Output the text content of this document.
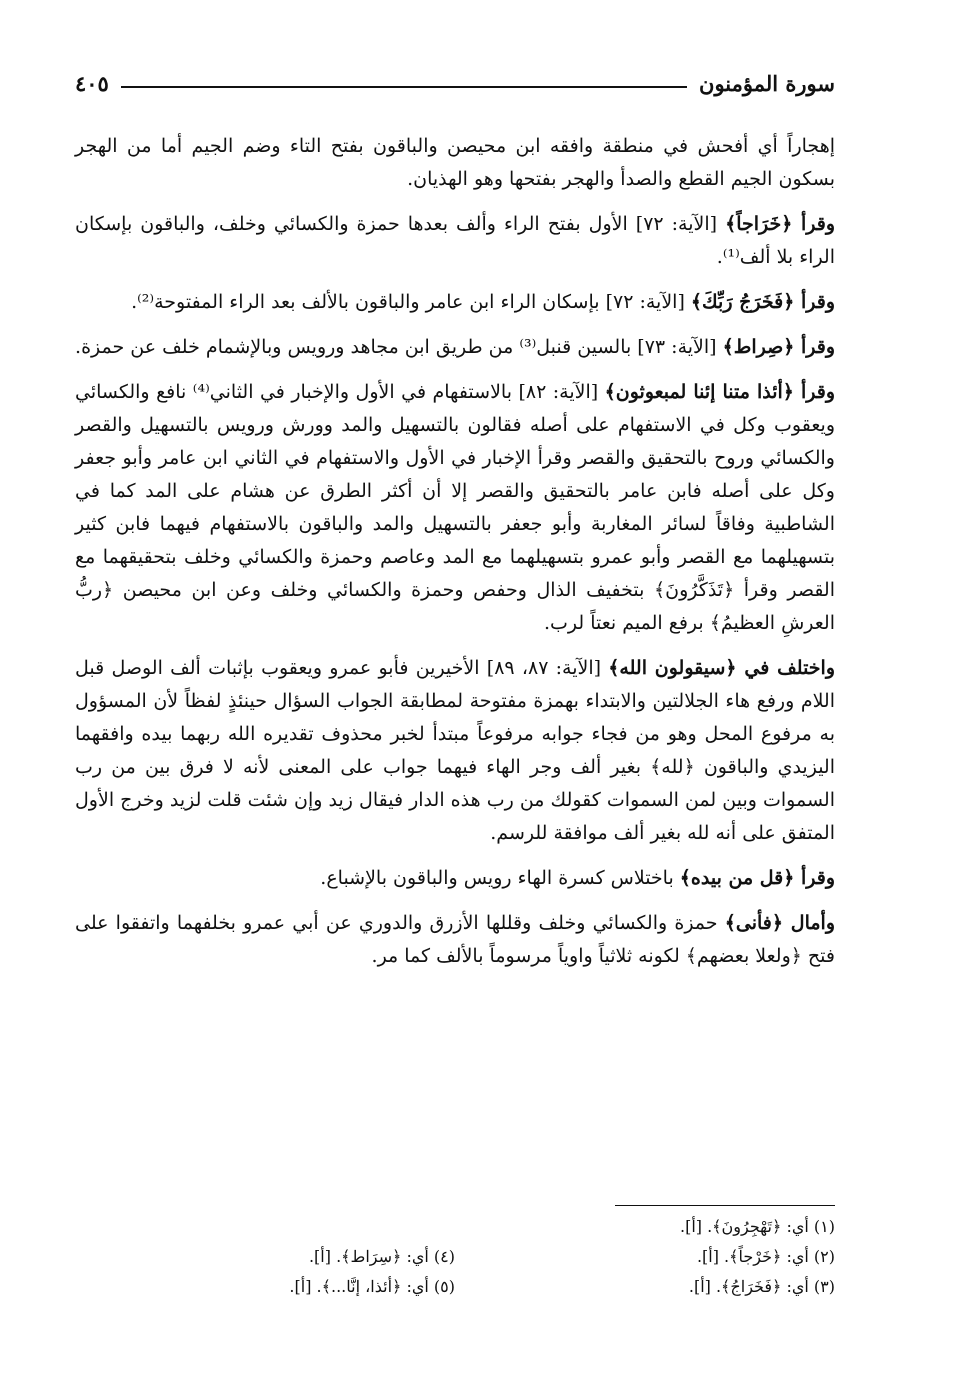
سورة المؤمنون
٤٠٥

إهجاراً أي أفحش في منطقة وافقه ابن محيصن والباقون بفتح التاء وضم الجيم أما من الهجر بسكون الجيم القطع والصدأ والهجر بفتحها وهو الهذيان.

وقرأ ﴿خَرَاجاً﴾ [الآية: ٧٢] الأول بفتح الراء وألف بعدها حمزة والكسائي وخلف، والباقون بإسكان الراء بلا ألف⁽¹⁾.

وقرأ ﴿فَخَرَجُ رَبِّكَ﴾ [الآية: ٧٢] بإسكان الراء ابن عامر والباقون بالألف بعد الراء المفتوحة⁽²⁾.

وقرأ ﴿صِراط﴾ [الآية: ٧٣] بالسين قنبل⁽³⁾ من طريق ابن مجاهد ورويس وبالإشمام خلف عن حمزة.

وقرأ ﴿أئذا متنا إئنا لمبعوثون﴾ [الآية: ٨٢] بالاستفهام في الأول والإخبار في الثاني⁽⁴⁾ نافع والكسائي ويعقوب وكل في الاستفهام على أصله فقالون بالتسهيل والمد وورش ورويس بالتسهيل والقصر والكسائي وروح بالتحقيق والقصر وقرأ الإخبار في الأول والاستفهام في الثاني ابن عامر وأبو جعفر وكل على أصله فابن عامر بالتحقيق والقصر إلا أن أكثر الطرق عن هشام على المد كما في الشاطبية وفاقاً لسائر المغاربة وأبو جعفر بالتسهيل والمد والباقون بالاستفهام فيهما فابن كثير بتسهيلهما مع القصر وأبو عمرو بتسهيلهما مع المد وعاصم وحمزة والكسائي وخلف بتحقيقهما مع القصر وقرأ ﴿تَذَكَّرُونَ﴾ بتخفيف الذال وحفص وحمزة والكسائي وخلف وعن ابن محيصن ﴿ربُّ العرشِ العظيمُ﴾ برفع الميم نعتاً لرب.

واختلف في ﴿سيقولون الله﴾ [الآية: ٨٧، ٨٩] الأخيرين فأبو عمرو ويعقوب بإثبات ألف الوصل قبل اللام ورفع هاء الجلالتين والابتداء بهمزة مفتوحة لمطابقة الجواب السؤال حينئذٍ لفظاً لأن المسؤول به مرفوع المحل وهو من فجاء جوابه مرفوعاً مبتدأ لخبر محذوف تقديره الله ربهما بيده وافقهما اليزيدي والباقون ﴿لله﴾ بغير ألف وجر الهاء فيهما جواب على المعنى لأنه لا فرق بين من رب السموات وبين لمن السموات كقولك من رب هذه الدار فيقال زيد وإن شئت قلت لزيد وخرج الأول المتفق على أنه لله بغير ألف موافقة للرسم.

وقرأ ﴿قل من بيده﴾ باختلاس كسرة الهاء رويس والباقون بالإشباع.

وأمال ﴿فأنى﴾ حمزة والكسائي وخلف وقللها الأزرق والدوري عن أبي عمرو بخلفهما واتفقوا على فتح ﴿ولعلا بعضهم﴾ لكونه ثلاثياً واوياً مرسوماً بالألف كما مر.

(١) أي: ﴿تَهْجِرُونَ﴾. [أ].
(٢) أي: ﴿خَرْجاً﴾. [أ].
(٤) أي: ﴿سِرَاط﴾. [أ].
(٣) أي: ﴿فَخَرَاجُ﴾. [أ].
(٥) أي: ﴿أئذا، إنَّا...﴾. [أ].
